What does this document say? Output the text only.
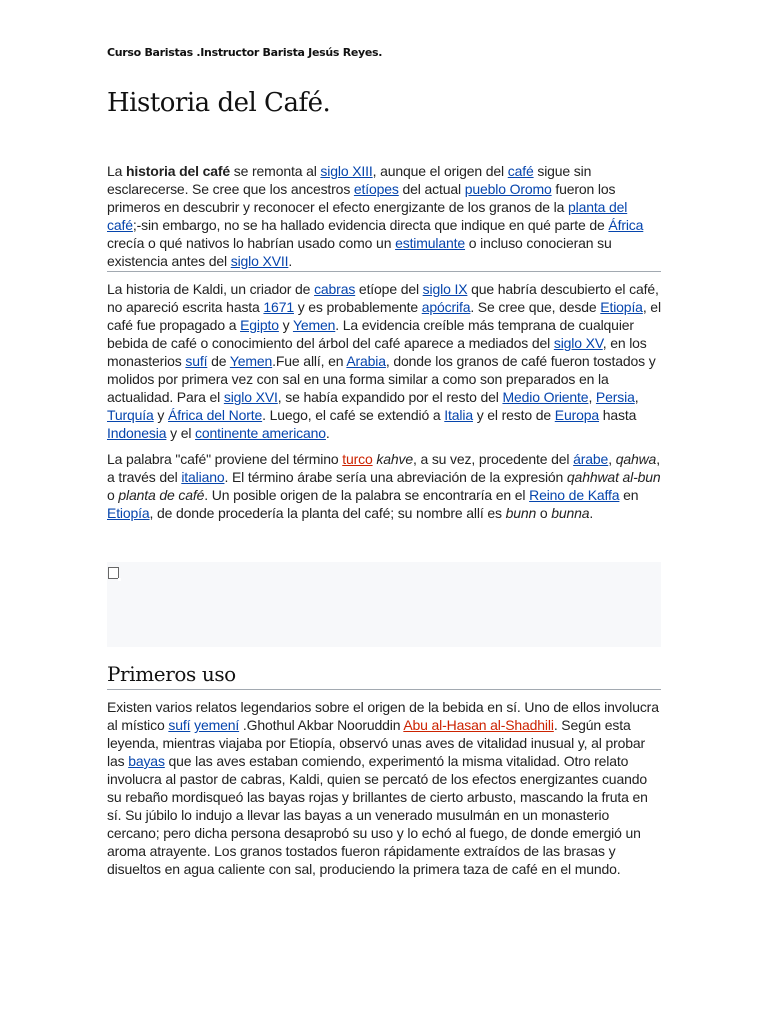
Curso Baristas .Instructor Barista Jesús Reyes.
Historia del Café.

La historia del café se remonta al siglo XIII, aunque el origen del café sigue sin esclarecerse. Se cree que los ancestros etíopes del actual pueblo Oromo fueron los primeros en descubrir y reconocer el efecto energizante de los granos de la planta del café;-sin embargo, no se ha hallado evidencia directa que indique en qué parte de África crecía o qué nativos lo habrían usado como un estimulante o incluso conocieran su existencia antes del siglo XVII.

La historia de Kaldi, un criador de cabras etíope del siglo IX que habría descubierto el café, no apareció escrita hasta 1671 y es probablemente apócrifa. Se cree que, desde Etiopía, el café fue propagado a Egipto y Yemen. La evidencia creíble más temprana de cualquier bebida de café o conocimiento del árbol del café aparece a mediados del siglo XV, en los monasterios sufí de Yemen.Fue allí, en Arabia, donde los granos de café fueron tostados y molidos por primera vez con sal en una forma similar a como son preparados en la actualidad. Para el siglo XVI, se había expandido por el resto del Medio Oriente, Persia, Turquía y África del Norte. Luego, el café se extendió a Italia y el resto de Europa hasta Indonesia y el continente americano.

La palabra "café" proviene del término turco kahve, a su vez, procedente del árabe, qahwa, a través del italiano. El término árabe sería una abreviación de la expresión qahhwat al-bun o planta de café. Un posible origen de la palabra se encontraría en el Reino de Kaffa en Etiopía, de donde procedería la planta del café; su nombre allí es bunn o bunna.

Primeros uso

Existen varios relatos legendarios sobre el origen de la bebida en sí. Uno de ellos involucra al místico sufí yemení .Ghothul Akbar Nooruddin Abu al-Hasan al-Shadhili. Según esta leyenda, mientras viajaba por Etiopía, observó unas aves de vitalidad inusual y, al probar las bayas que las aves estaban comiendo, experimentó la misma vitalidad. Otro relato involucra al pastor de cabras, Kaldi, quien se percató de los efectos energizantes cuando su rebaño mordisqueó las bayas rojas y brillantes de cierto arbusto, mascando la fruta en sí. Su júbilo lo indujo a llevar las bayas a un venerado musulmán en un monasterio cercano; pero dicha persona desaprobó su uso y lo echó al fuego, de donde emergió un aroma atrayente. Los granos tostados fueron rápidamente extraídos de las brasas y disueltos en agua caliente con sal, produciendo la primera taza de café en el mundo.
